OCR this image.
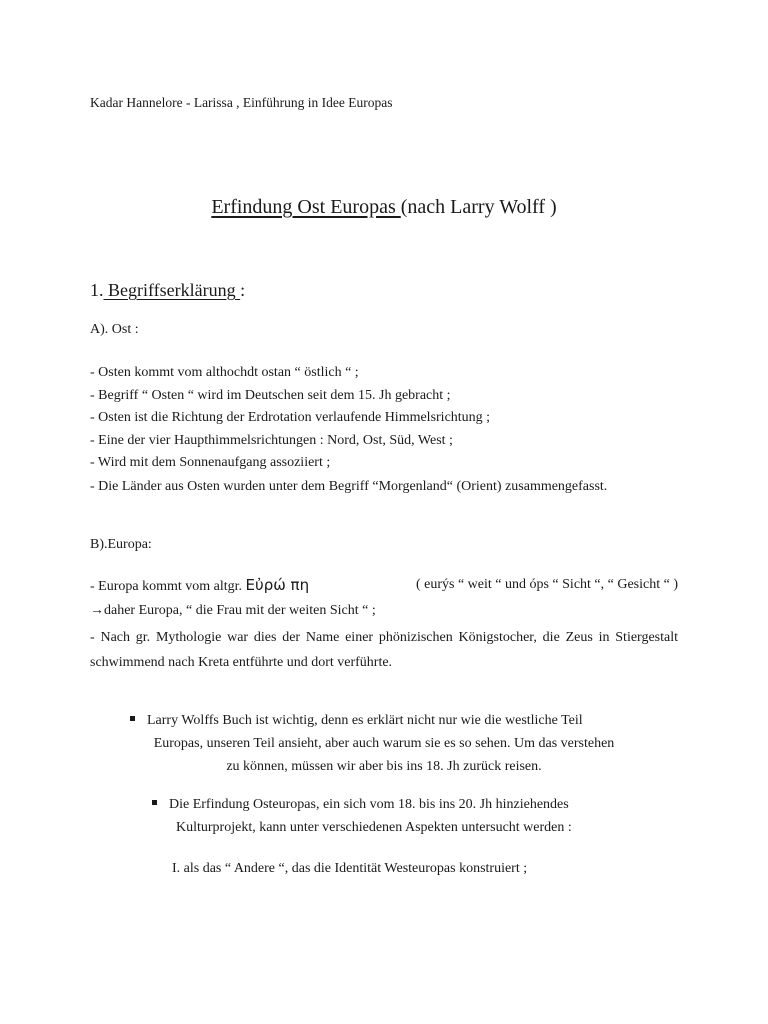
Kadar Hannelore - Larissa , Einführung in Idee Europas
Erfindung Ost Europas (nach Larry Wolff )
1. Begriffserklärung :
A). Ost :
- Osten kommt vom althochdt ostan “ östlich “ ;
- Begriff “ Osten “ wird im Deutschen seit dem 15. Jh gebracht ;
- Osten ist die Richtung der Erdrotation verlaufende Himmelsrichtung ;
- Eine der vier Haupthimmelsrichtungen : Nord, Ost, Süd, West ;
- Wird mit dem Sonnenaufgang assoziiert ;
- Die Länder aus Osten wurden unter dem Begriff “Morgenland“ (Orient) zusammengefasst.
B).Europa:
- Europa kommt vom altgr. Εὐρώ πη	( eurýs “ weit “ und óps “ Sicht “, “ Gesicht “ )
→daher Europa, “ die Frau mit der weiten Sicht “ ;
- Nach gr. Mythologie war dies der Name einer phönizischen Königstocher, die Zeus in Stiergestalt schwimmend nach Kreta entführte und dort verführte.
Larry Wolffs Buch ist wichtig, denn es erklärt nicht nur wie die westliche Teil
Europas, unseren Teil ansieht, aber auch warum sie es so sehen. Um das verstehen
zu können, müssen wir aber bis ins 18. Jh zurück reisen.
Die Erfindung Osteuropas, ein sich vom 18. bis ins 20. Jh hinziehendes
Kulturprojekt, kann unter verschiedenen Aspekten untersucht werden :
I. als das “ Andere “, das die Identität Westeuropas konstruiert ;
